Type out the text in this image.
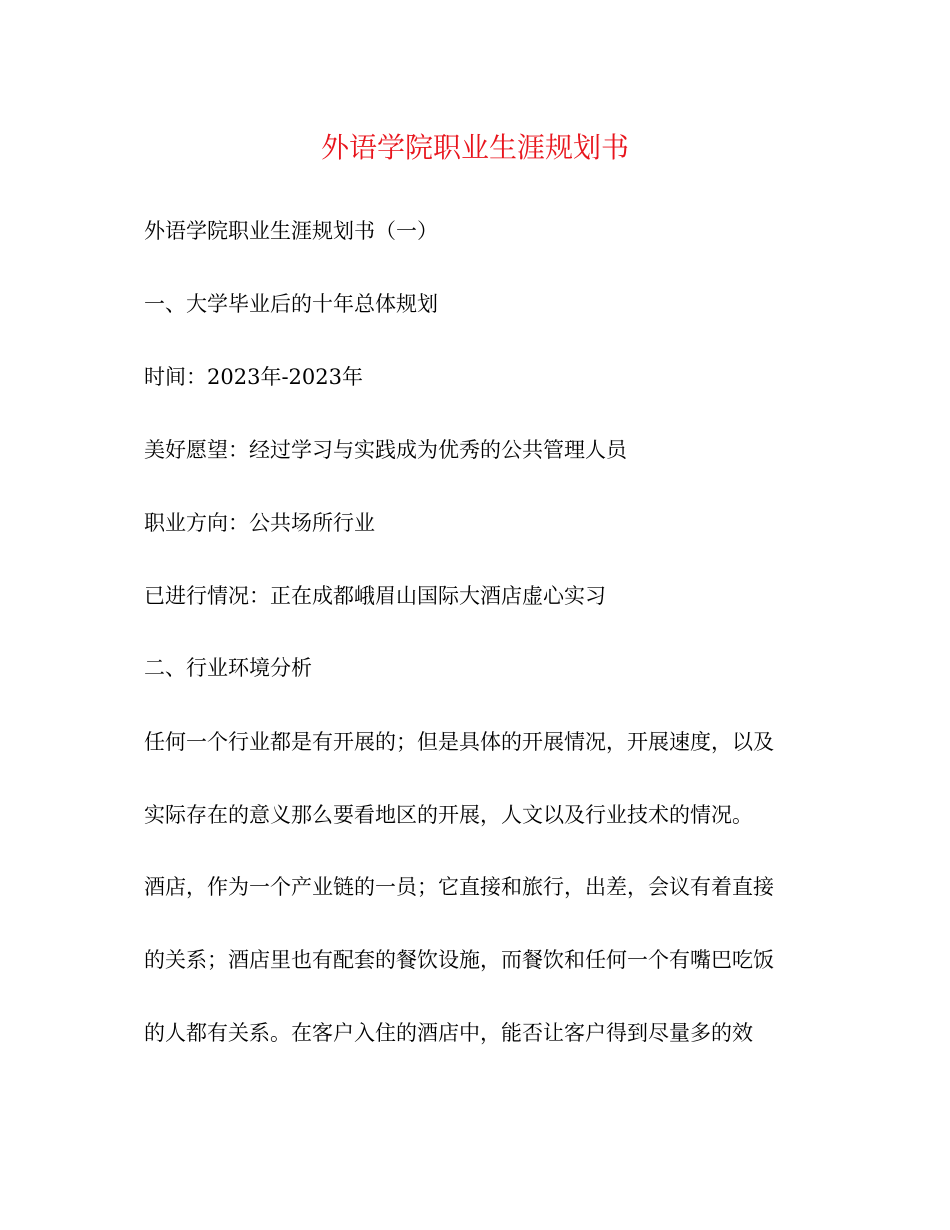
外语学院职业生涯规划书

外语学院职业生涯规划书（一）

一、大学毕业后的十年总体规划

时间：2023年-2023年

美好愿望：经过学习与实践成为优秀的公共管理人员

职业方向：公共场所行业

已进行情况：正在成都峨眉山国际大酒店虚心实习

二、行业环境分析

任何一个行业都是有开展的；但是具体的开展情况，开展速度，以及

实际存在的意义那么要看地区的开展，人文以及行业技术的情况。

酒店，作为一个产业链的一员；它直接和旅行，出差，会议有着直接

的关系；酒店里也有配套的餐饮设施，而餐饮和任何一个有嘴巴吃饭

的人都有关系。在客户入住的酒店中，能否让客户得到尽量多的效
